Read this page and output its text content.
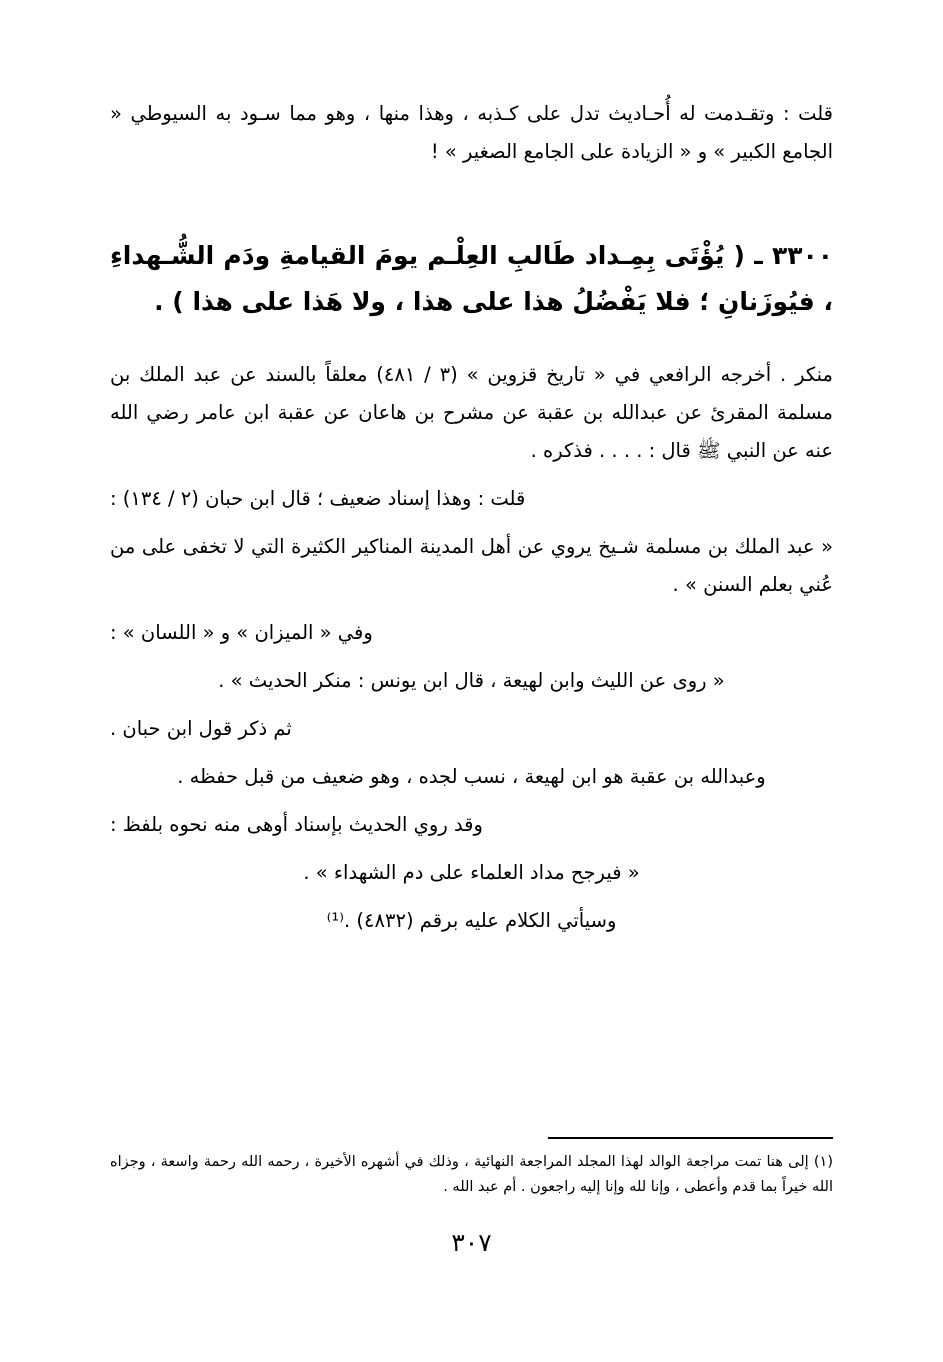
قلت : وتقـدمت له أُحـاديث تدل على كـذبه ، وهذا منها ، وهو مما سـود به السيوطي « الجامع الكبير » و « الزيادة على الجامع الصغير » !

٣٣٠٠ ـ ( يُؤْتَى بِمِـداد طَالبِ العِلْـم يومَ القيامةِ ودَم الشُّـهداءِ ، فيُوزَنانِ ؛ فلا يَفْضُلُ هذا على هذا ، ولا هَذا على هذا ) .

منكر . أخرجه الرافعي في « تاريخ قزوين » (٣ / ٤٨١) معلقاً بالسند عن عبد الملك بن مسلمة المقرئ عن عبدالله بن عقبة عن مشرح بن هاعان عن عقبة ابن عامر رضي الله عنه عن النبي ﷺ قال : . . . . فذكره .

قلت : وهذا إسناد ضعيف ؛ قال ابن حبان (٢ / ١٣٤) :

« عبد الملك بن مسلمة شـيخ يروي عن أهل المدينة المناكير الكثيرة التي لا تخفى على من عُني بعلم السنن » .

وفي « الميزان » و « اللسان » :

« روى عن الليث وابن لهيعة ، قال ابن يونس : منكر الحديث » .

ثم ذكر قول ابن حبان .

وعبدالله بن عقبة هو ابن لهيعة ، نسب لجده ، وهو ضعيف من قبل حفظه .

وقد روي الحديث بإسناد أوهى منه نحوه بلفظ :

« فيرجح مداد العلماء على دم الشهداء » .

وسيأتي الكلام عليه برقم (٤٨٣٢) .⁽¹⁾

(١) إلى هنا تمت مراجعة الوالد لهذا المجلد المراجعة النهائية ، وذلك في أشهره الأخيرة ، رحمه الله رحمة واسعة ، وجزاه الله خيراً بما قدم وأعطى ، وإنا لله وإنا إليه راجعون . أم عبد الله .
٣٠٧
